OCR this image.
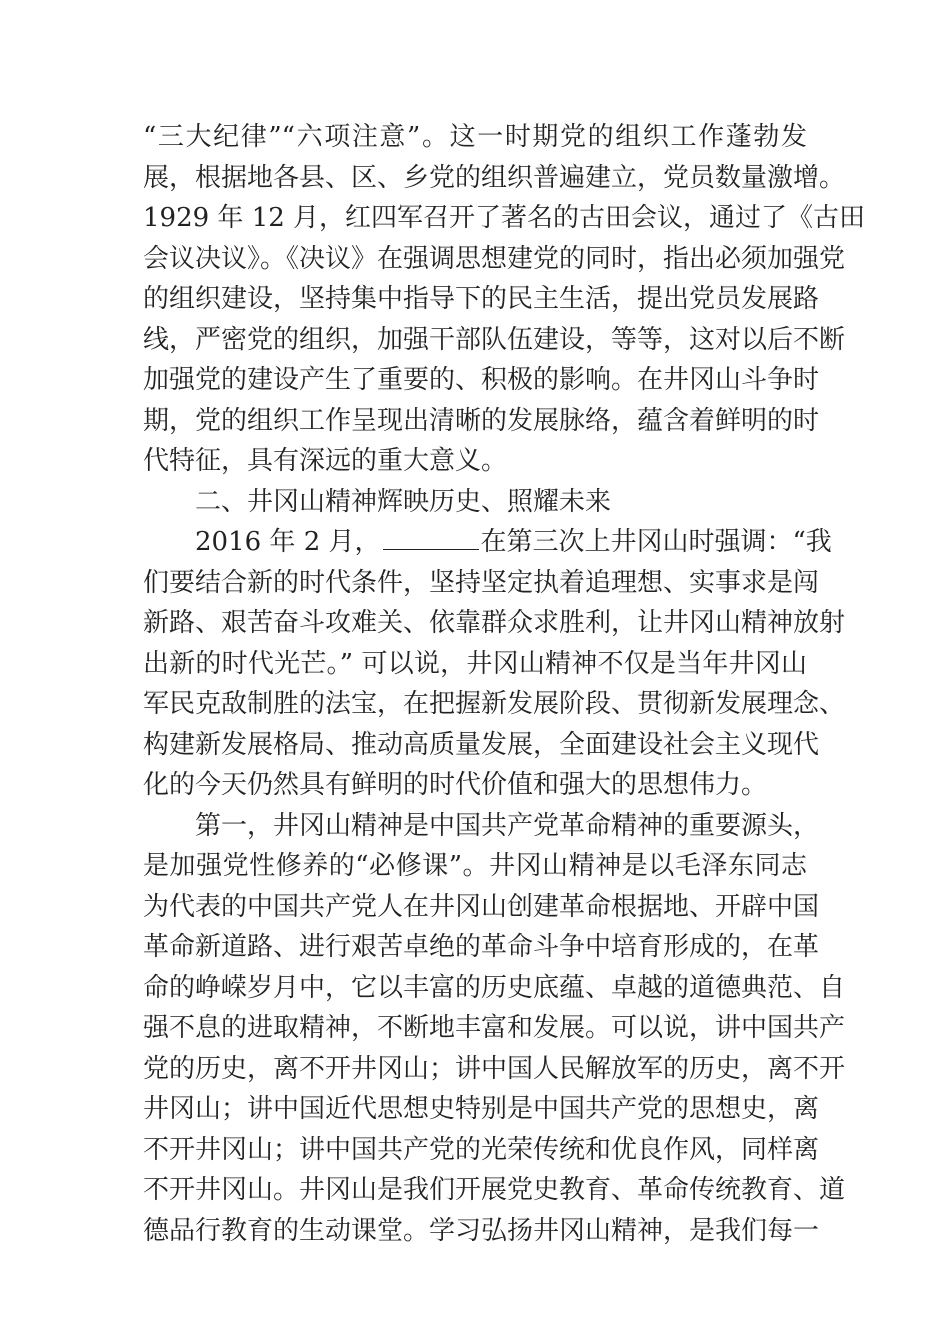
“三大纪律”“六项注意”。这一时期党的组织工作蓬勃发
展，根据地各县、区、乡党的组织普遍建立，党员数量激增。
1929 年 12 月，红四军召开了著名的古田会议，通过了《古田
会议决议》。《决议》在强调思想建党的同时，指出必须加强党
的组织建设，坚持集中指导下的民主生活，提出党员发展路
线，严密党的组织，加强干部队伍建设，等等，这对以后不断
加强党的建设产生了重要的、积极的影响。在井冈山斗争时
期，党的组织工作呈现出清晰的发展脉络，蕴含着鲜明的时
代特征，具有深远的重大意义。
二、井冈山精神辉映历史、照耀未来
2016 年 2 月，	在第三次上井冈山时强调：“我
们要结合新的时代条件，坚持坚定执着追理想、实事求是闯
新路、艰苦奋斗攻难关、依靠群众求胜利，让井冈山精神放射
出新的时代光芒。” 可以说，井冈山精神不仅是当年井冈山
军民克敌制胜的法宝，在把握新发展阶段、贯彻新发展理念、
构建新发展格局、推动高质量发展，全面建设社会主义现代
化的今天仍然具有鲜明的时代价值和强大的思想伟力。
第一，井冈山精神是中国共产党革命精神的重要源头，
是加强党性修养的“必修课”。井冈山精神是以毛泽东同志
为代表的中国共产党人在井冈山创建革命根据地、开辟中国
革命新道路、进行艰苦卓绝的革命斗争中培育形成的，在革
命的峥嵘岁月中，它以丰富的历史底蕴、卓越的道德典范、自
强不息的进取精神，不断地丰富和发展。可以说，讲中国共产
党的历史，离不开井冈山；讲中国人民解放军的历史，离不开
井冈山；讲中国近代思想史特别是中国共产党的思想史，离
不开井冈山；讲中国共产党的光荣传统和优良作风，同样离
不开井冈山。井冈山是我们开展党史教育、革命传统教育、道
德品行教育的生动课堂。学习弘扬井冈山精神，是我们每一
